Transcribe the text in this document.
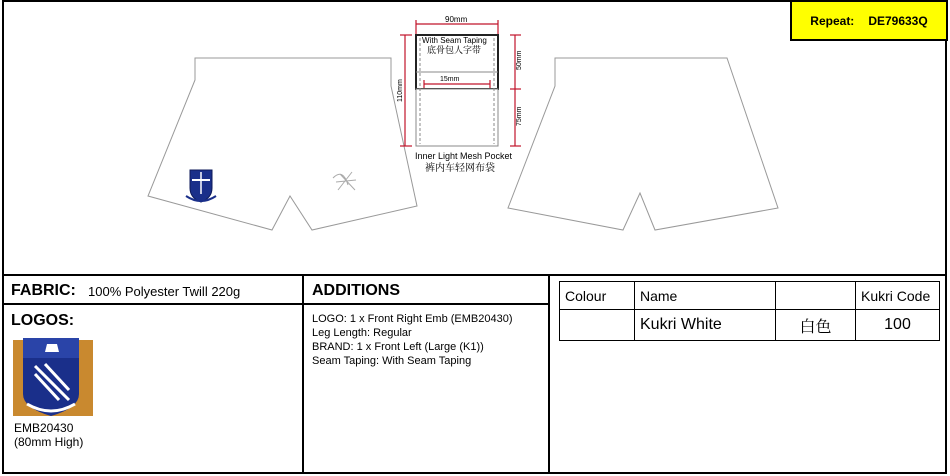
90mm
With Seam Taping
底骨包人字带
15mm
110mm
50mm
75mm
Inner Light Mesh Pocket
裤内车轻网布袋
Repeat: DE79633Q
FABRIC: 100% Polyester Twill 220g
LOGOS:
EMB20430
(80mm High)
ADDITIONS
LOGO: 1 x Front Right Emb (EMB20430)
Leg Length: Regular
BRAND: 1 x Front Left (Large (K1))
Seam Taping: With Seam Taping
Colour	Name		Kukri Code
	Kukri White	白色	100
